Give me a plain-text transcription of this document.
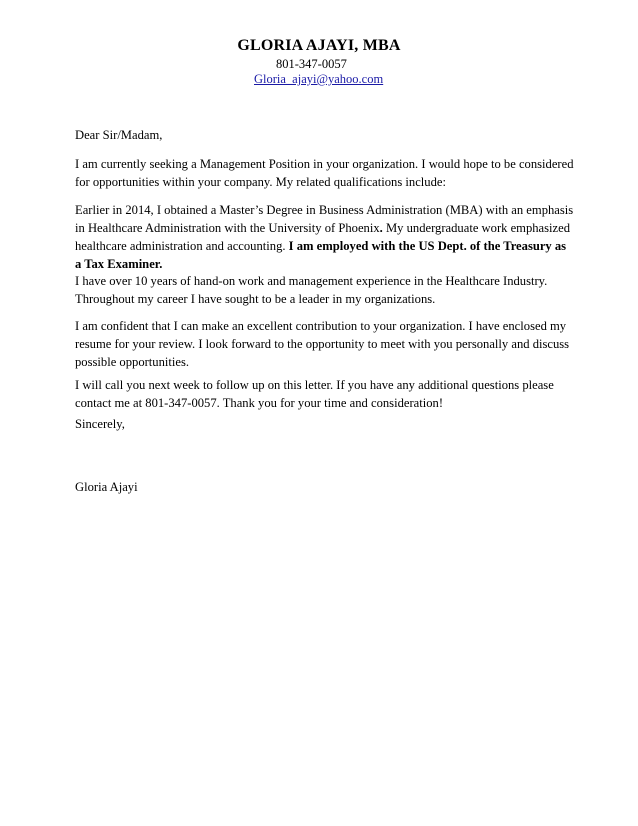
GLORIA AJAYI, MBA
801-347-0057
Gloria_ajayi@yahoo.com

Dear Sir/Madam,

I am currently seeking a Management Position in your organization. I would hope to be considered for opportunities within your company. My related qualifications include:

Earlier in 2014, I obtained a Master’s Degree in Business Administration (MBA) with an emphasis in Healthcare Administration with the University of Phoenix. My undergraduate work emphasized healthcare administration and accounting. I am employed with the US Dept. of the Treasury as a Tax Examiner.

I have over 10 years of hand-on work and management experience in the Healthcare Industry. Throughout my career I have sought to be a leader in my organizations.

I am confident that I can make an excellent contribution to your organization. I have enclosed my resume for your review. I look forward to the opportunity to meet with you personally and discuss possible opportunities.

I will call you next week to follow up on this letter. If you have any additional questions please contact me at 801-347-0057. Thank you for your time and consideration!

Sincerely,

Gloria Ajayi
